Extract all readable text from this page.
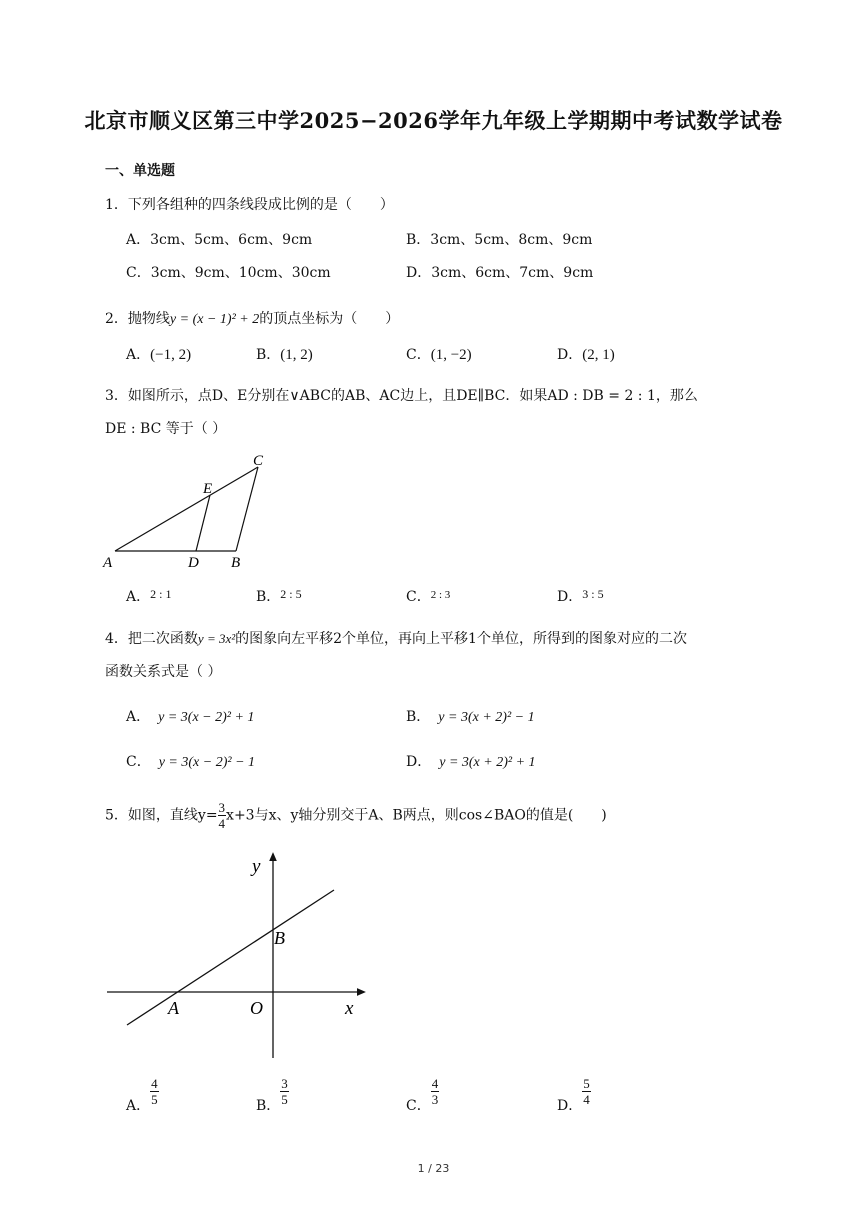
北京市顺义区第三中学2025−2026学年九年级上学期期中考试数学试卷
一、单选题
1．下列各组种的四条线段成比例的是（　　）
A．3cm、5cm、6cm、9cm	B．3cm、5cm、8cm、9cm
C．3cm、9cm、10cm、30cm	D．3cm、6cm、7cm、9cm
2．抛物线y = (x − 1)² + 2的顶点坐标为（　　）
A．(−1, 2)	B．(1, 2)	C．(1, −2)	D．(2, 1)
3．如图所示，点D、E分别在∨ABC的AB、AC边上，且DE∥BC．如果AD : DB = 2 : 1，那么
DE : BC 等于（ ）
A	D B
E
C
A．2 : 1	B．2 : 5	C．$^{2 : 3}$	D．3 : 5
4．把二次函数y = 3x²的图象向左平移2个单位，再向上平移1个单位，所得到的图象对应的二次
函数关系式是（ ）
A． y = 3(x − 2)² + 1	B． y = 3(x + 2)² − 1
C． y = 3(x − 2)² − 1	D． y = 3(x + 2)² + 1
5．如图，直线$y= \frac{3}{4} x+3$与x、y轴分别交于A、B两点，则cos∠BAO的值是(　　)
y
x
B
A	O
A． $\frac{4}{5}$	B． $\frac{3}{5}$	C． $\frac{4}{3}$	D． $\frac{5}{4}$
1 / 23
